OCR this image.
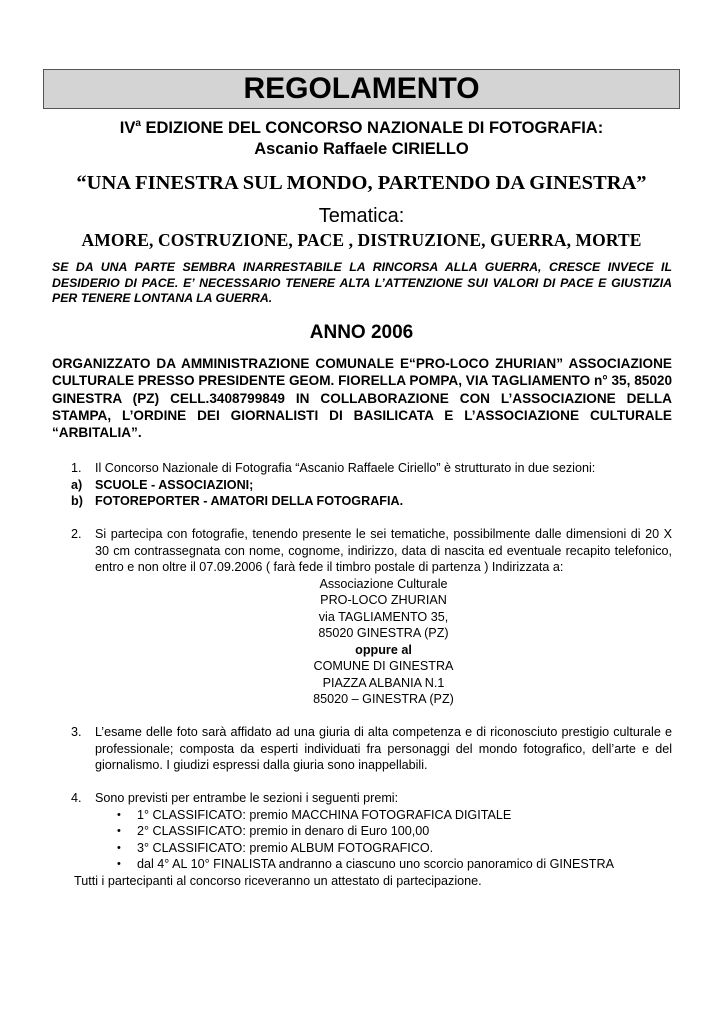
REGOLAMENTO
$IV^a$ EDIZIONE DEL CONCORSO NAZIONALE DI FOTOGRAFIA:
Ascanio Raffaele CIRIELLO
“UNA FINESTRA SUL MONDO, PARTENDO DA GINESTRA”
Tematica:
AMORE, COSTRUZIONE, PACE , DISTRUZIONE, GUERRA, MORTE
SE DA UNA PARTE SEMBRA INARRESTABILE LA RINCORSA ALLA GUERRA, CRESCE INVECE IL DESIDERIO DI PACE. E’ NECESSARIO TENERE ALTA L’ATTENZIONE SUI VALORI DI PACE E GIUSTIZIA PER TENERE LONTANA LA GUERRA.
ANNO 2006
ORGANIZZATO DA AMMINISTRAZIONE COMUNALE E“PRO-LOCO ZHURIAN” ASSOCIAZIONE CULTURALE PRESSO PRESIDENTE GEOM. FIORELLA POMPA, VIA TAGLIAMENTO n° 35, 85020 GINESTRA (PZ) CELL.3408799849 IN COLLABORAZIONE CON L’ASSOCIAZIONE DELLA STAMPA, L’ORDINE DEI GIORNALISTI DI BASILICATA E L’ASSOCIAZIONE CULTURALE “ARBITALIA”.
1. Il Concorso Nazionale di Fotografia “Ascanio Raffaele Ciriello” è strutturato in due sezioni:
a) SCUOLE - ASSOCIAZIONI;
b) FOTOREPORTER - AMATORI DELLA FOTOGRAFIA.
2. Si partecipa con fotografie, tenendo presente le sei tematiche, possibilmente dalle dimensioni di 20 X 30 cm contrassegnata con nome, cognome, indirizzo, data di nascita ed eventuale recapito telefonico, entro e non oltre il 07.09.2006 ( farà fede il timbro postale di partenza ) Indirizzata a:
Associazione Culturale
PRO-LOCO ZHURIAN
via TAGLIAMENTO 35,
85020 GINESTRA (PZ)
oppure al
COMUNE DI GINESTRA
PIAZZA ALBANIA N.1
85020 – GINESTRA (PZ)
3. L’esame delle foto sarà affidato ad una giuria di alta competenza e di riconosciuto prestigio culturale e professionale; composta da esperti individuati fra personaggi del mondo fotografico, dell’arte e del giornalismo. I giudizi espressi dalla giuria sono inappellabili.
4. Sono previsti per entrambe le sezioni i seguenti premi:
• 1° CLASSIFICATO: premio MACCHINA FOTOGRAFICA DIGITALE
• 2° CLASSIFICATO: premio in denaro di Euro 100,00
• 3° CLASSIFICATO: premio ALBUM FOTOGRAFICO.
• dal 4° AL 10° FINALISTA andranno a ciascuno uno scorcio panoramico di GINESTRA
Tutti i partecipanti al concorso riceveranno un attestato di partecipazione.
